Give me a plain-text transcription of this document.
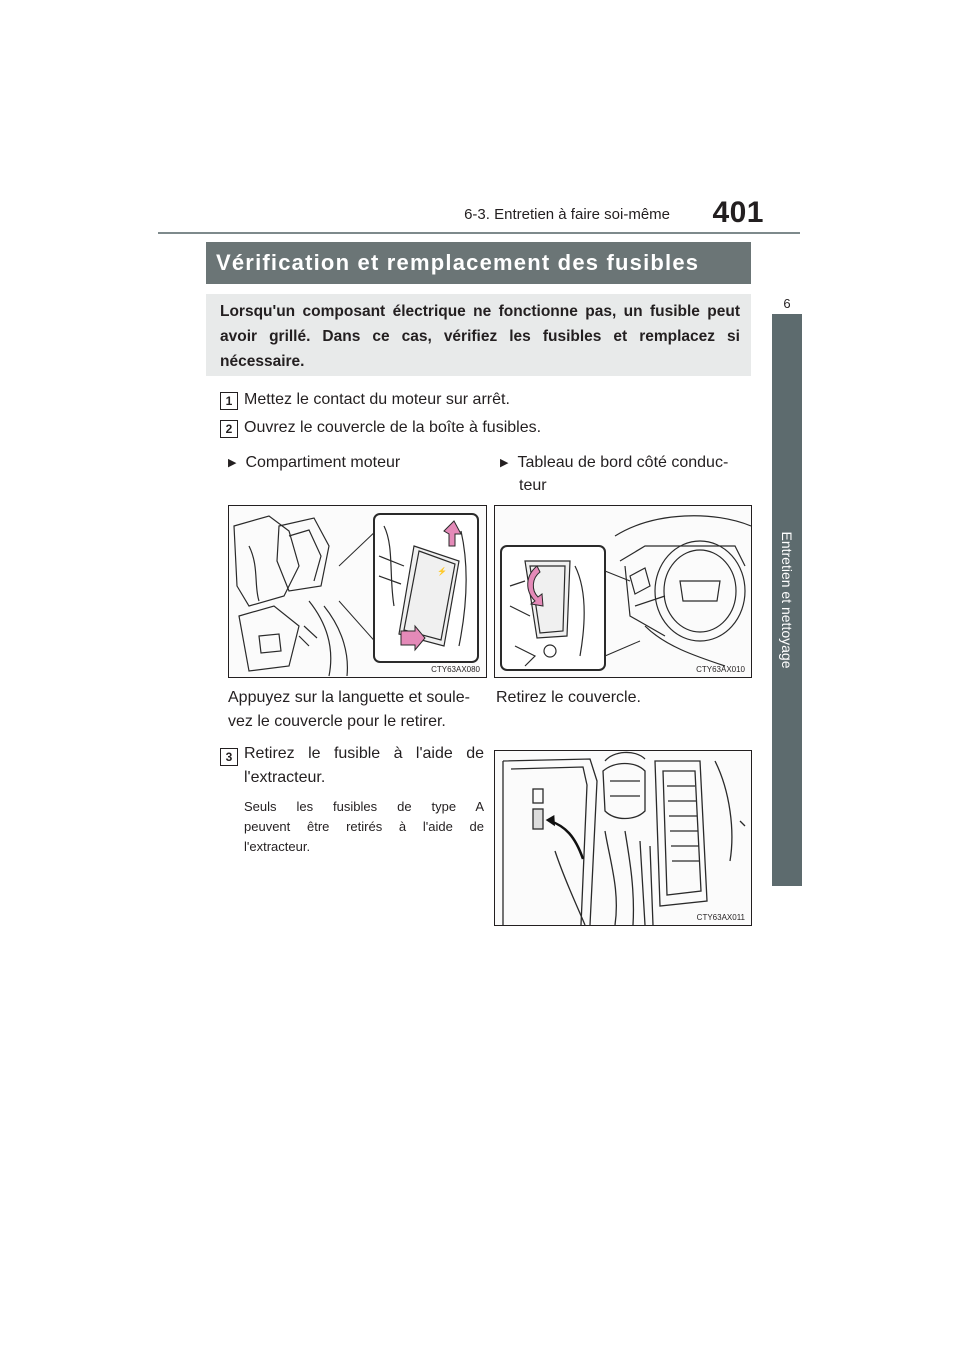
6-3. Entretien à faire soi-même	401
6
Entretien et nettoyage
Vérification et remplacement des fusibles
Lorsqu'un composant électrique ne fonctionne pas, un fusible peut avoir grillé. Dans ce cas, vérifiez les fusibles et remplacez si nécessaire.
1 Mettez le contact du moteur sur arrêt.
2 Ouvrez le couvercle de la boîte à fusibles.
▶ Compartiment moteur	▶ Tableau de bord côté conduc-
teur
⚡
CTY63AX080	CTY63AX010
Appuyez sur la languette et soule-
vez le couvercle pour le retirer.
Retirez le couvercle.
3 Retirez le fusible à l'aide de
l'extracteur.
Seuls les fusibles de type A
peuvent être retirés à l'aide de
l'extracteur.
CTY63AX011
